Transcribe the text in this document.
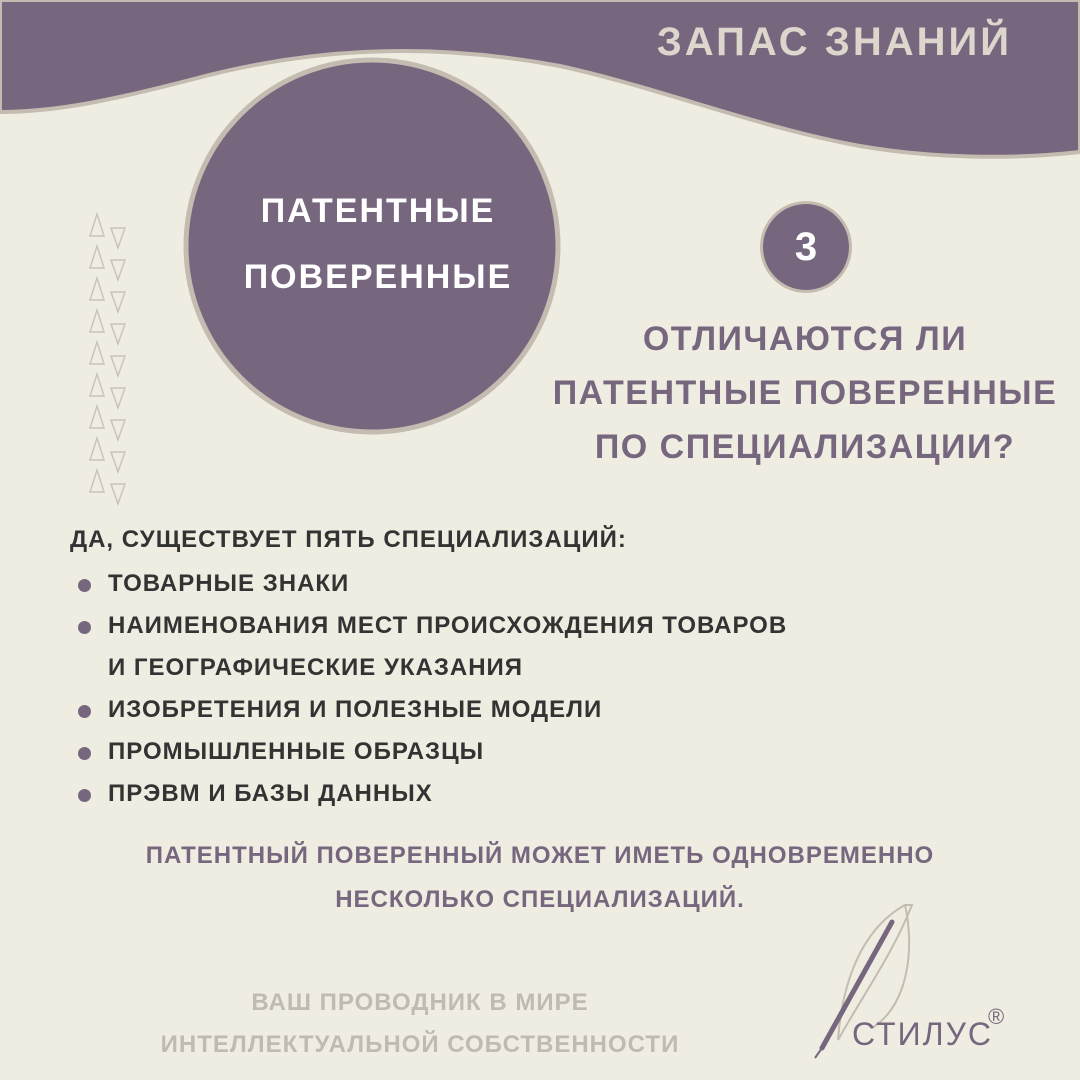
ЗАПАС ЗНАНИЙ
ПАТЕНТНЫЕ
ПОВЕРЕННЫЕ
3
ОТЛИЧАЮТСЯ ЛИ
ПАТЕНТНЫЕ ПОВЕРЕННЫЕ
ПО СПЕЦИАЛИЗАЦИИ?
ДА, СУЩЕСТВУЕТ ПЯТЬ СПЕЦИАЛИЗАЦИЙ:
ТОВАРНЫЕ ЗНАКИ
НАИМЕНОВАНИЯ МЕСТ ПРОИСХОЖДЕНИЯ ТОВАРОВ
И ГЕОГРАФИЧЕСКИЕ УКАЗАНИЯ
ИЗОБРЕТЕНИЯ И ПОЛЕЗНЫЕ МОДЕЛИ
ПРОМЫШЛЕННЫЕ ОБРАЗЦЫ
ПРЭВМ И БАЗЫ ДАННЫХ
ПАТЕНТНЫЙ ПОВЕРЕННЫЙ МОЖЕТ ИМЕТЬ ОДНОВРЕМЕННО
НЕСКОЛЬКО СПЕЦИАЛИЗАЦИЙ.
ВАШ ПРОВОДНИК В МИРЕ
ИНТЕЛЛЕКТУАЛЬНОЙ СОБСТВЕННОСТИ	СТИЛУС
®
